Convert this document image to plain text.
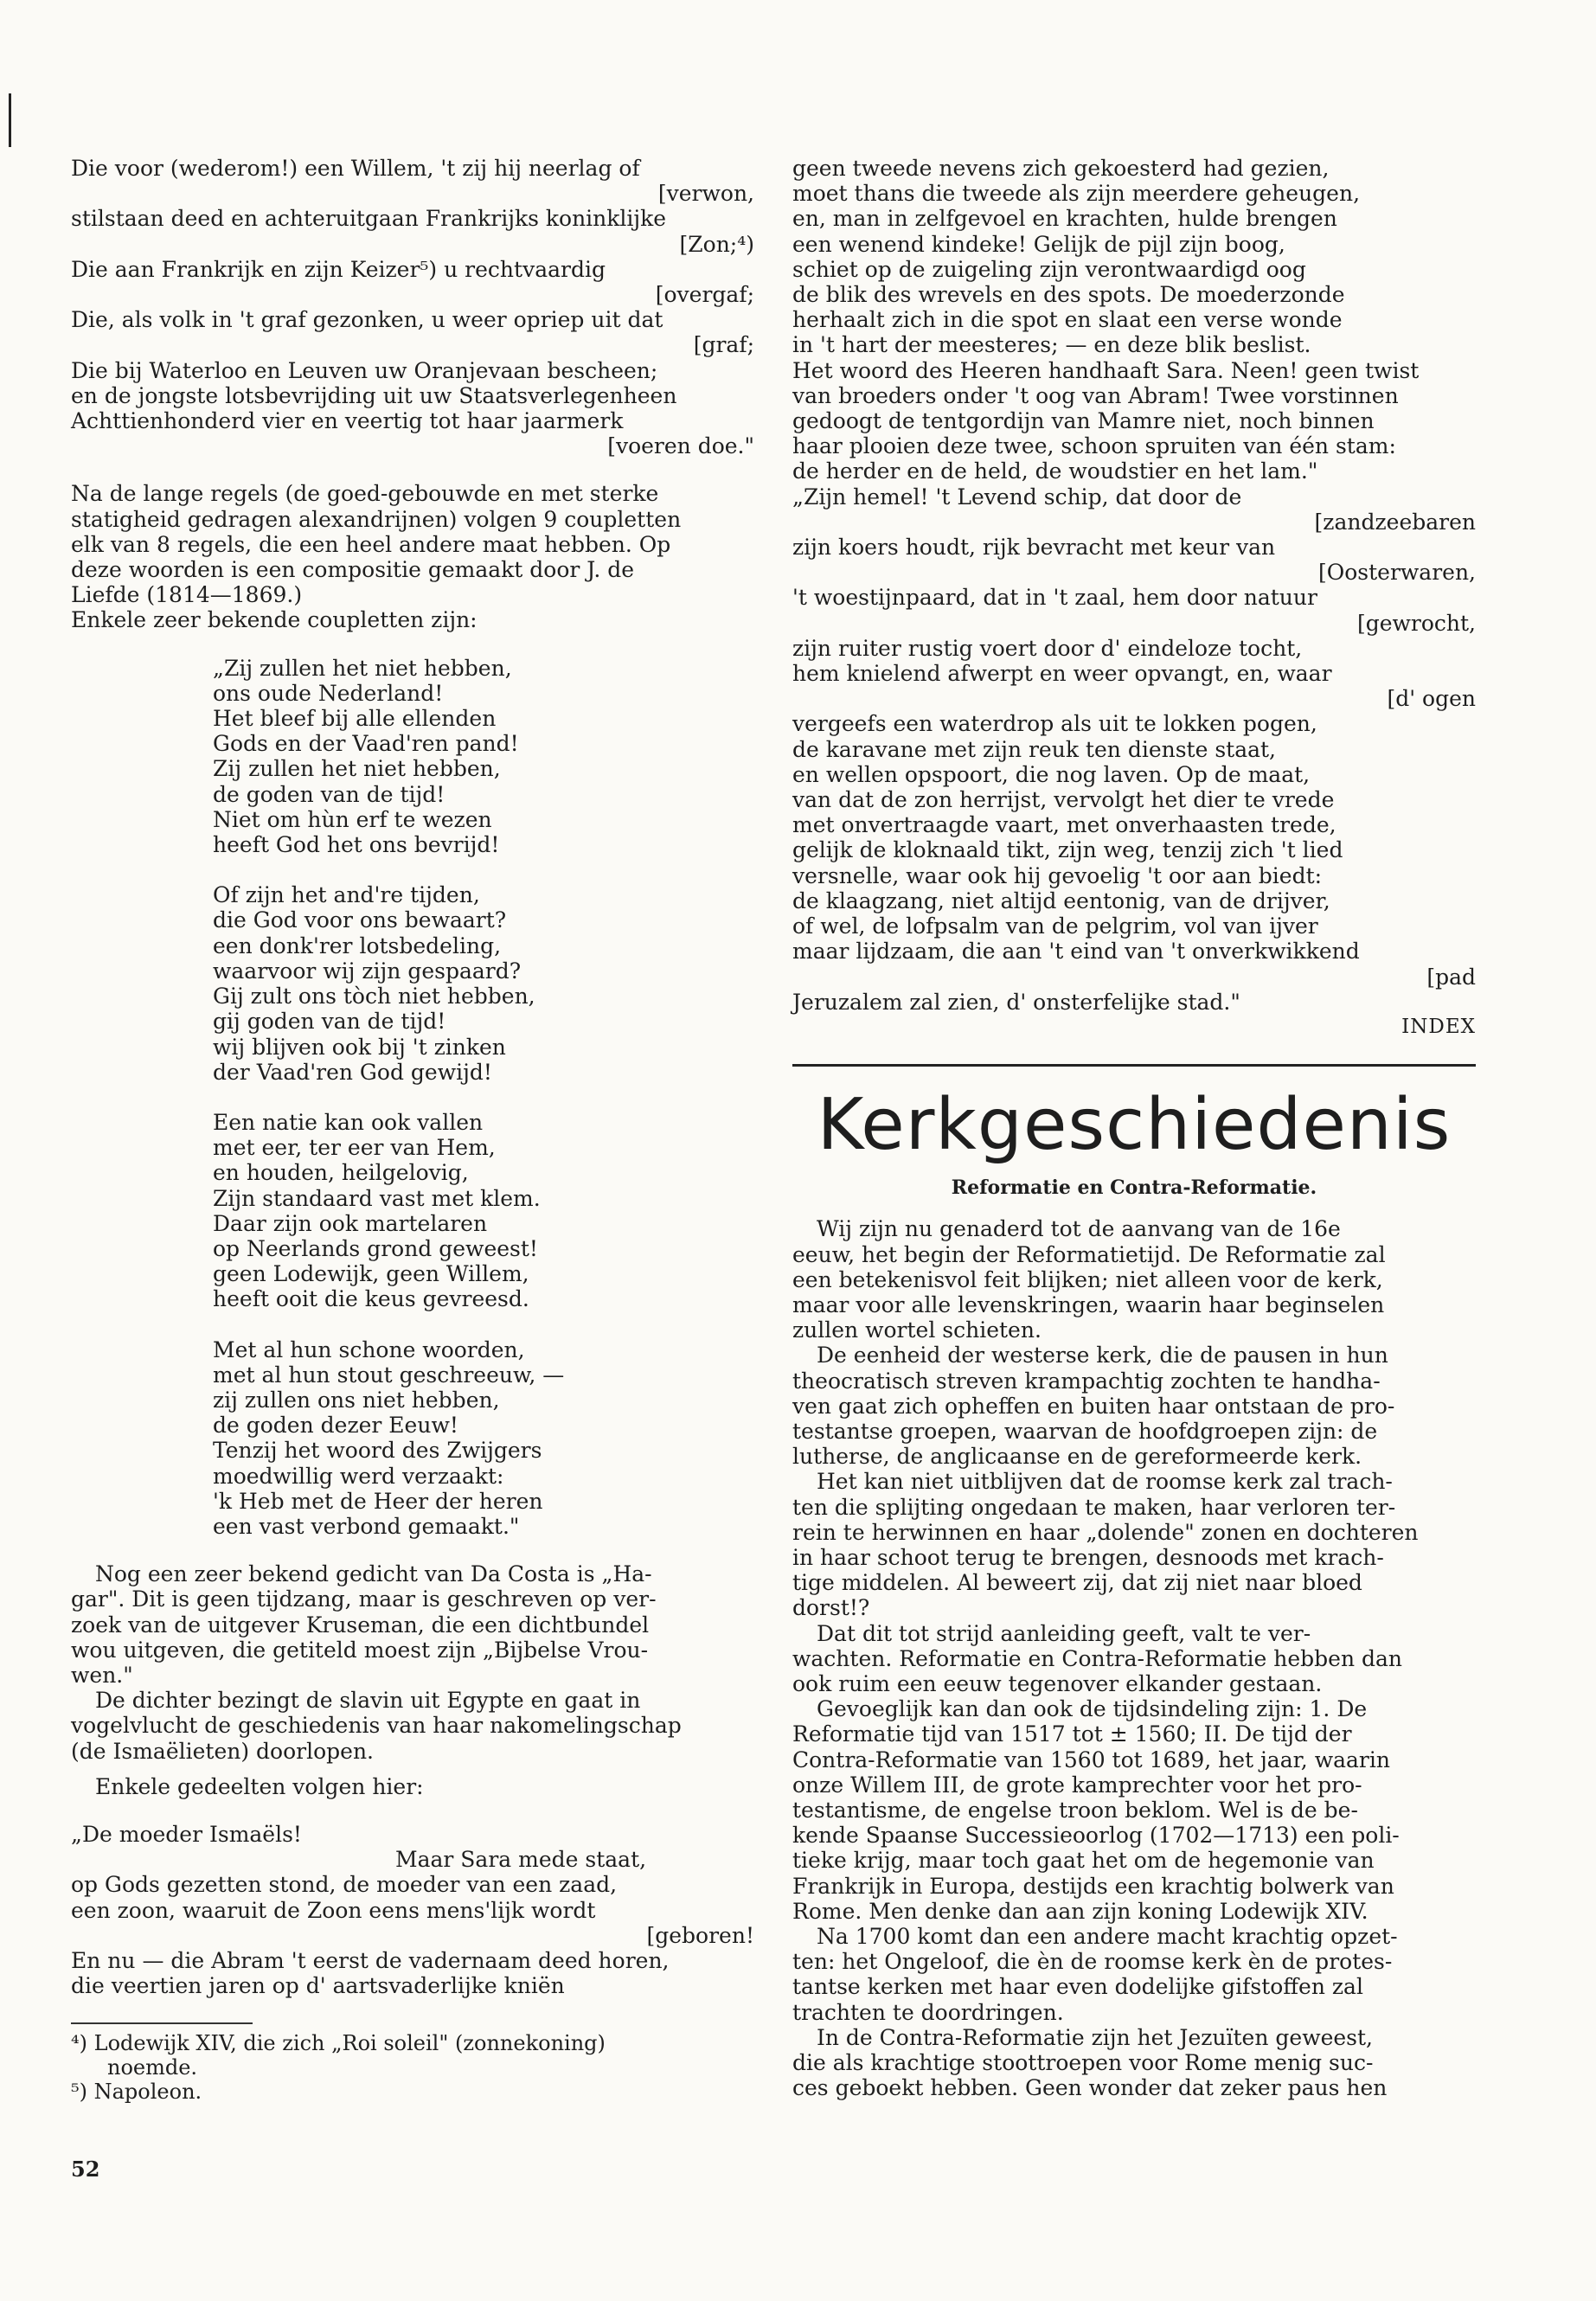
Die voor (wederom!) een Willem, 't zij hij neerlag of
[verwon,
stilstaan deed en achteruitgaan Frankrijks koninklijke
[Zon;⁴)
Die aan Frankrijk en zijn Keizer⁵) u rechtvaardig
[overgaf;
Die, als volk in 't graf gezonken, u weer opriep uit dat
[graf;
Die bij Waterloo en Leuven uw Oranjevaan bescheen;
en de jongste lotsbevrijding uit uw Staatsverlegenheen
Achttienhonderd vier en veertig tot haar jaarmerk
[voeren doe."
Na de lange regels (de goed-gebouwde en met sterke
statigheid gedragen alexandrijnen) volgen 9 coupletten
elk van 8 regels, die een heel andere maat hebben. Op
deze woorden is een compositie gemaakt door J. de
Liefde (1814—1869.)
Enkele zeer bekende coupletten zijn:
„Zij zullen het niet hebben,
ons oude Nederland!
Het bleef bij alle ellenden
Gods en der Vaad'ren pand!
Zij zullen het niet hebben,
de goden van de tijd!
Niet om hùn erf te wezen
heeft God het ons bevrijd!
Of zijn het and're tijden,
die God voor ons bewaart?
een donk'rer lotsbedeling,
waarvoor wij zijn gespaard?
Gij zult ons tòch niet hebben,
gij goden van de tijd!
wij blijven ook bij 't zinken
der Vaad'ren God gewijd!
Een natie kan ook vallen
met eer, ter eer van Hem,
en houden, heilgelovig,
Zijn standaard vast met klem.
Daar zijn ook martelaren
op Neerlands grond geweest!
geen Lodewijk, geen Willem,
heeft ooit die keus gevreesd.
Met al hun schone woorden,
met al hun stout geschreeuw, —
zij zullen ons niet hebben,
de goden dezer Eeuw!
Tenzij het woord des Zwijgers
moedwillig werd verzaakt:
'k Heb met de Heer der heren
een vast verbond gemaakt."
Nog een zeer bekend gedicht van Da Costa is „Ha-
gar". Dit is geen tijdzang, maar is geschreven op ver-
zoek van de uitgever Kruseman, die een dichtbundel
wou uitgeven, die getiteld moest zijn „Bijbelse Vrou-
wen."
De dichter bezingt de slavin uit Egypte en gaat in
vogelvlucht de geschiedenis van haar nakomelingschap
(de Ismaëlieten) doorlopen.
Enkele gedeelten volgen hier:
„De moeder Ismaëls!
Maar Sara mede staat,
op Gods gezetten stond, de moeder van een zaad,
een zoon, waaruit de Zoon eens mens'lijk wordt
[geboren!
En nu — die Abram 't eerst de vadernaam deed horen,
die veertien jaren op d' aartsvaderlijke kniën
⁴) Lodewijk XIV, die zich „Roi soleil" (zonnekoning)
noemde.
⁵) Napoleon.
geen tweede nevens zich gekoesterd had gezien,
moet thans die tweede als zijn meerdere geheugen,
en, man in zelfgevoel en krachten, hulde brengen
een wenend kindeke! Gelijk de pijl zijn boog,
schiet op de zuigeling zijn verontwaardigd oog
de blik des wrevels en des spots. De moederzonde
herhaalt zich in die spot en slaat een verse wonde
in 't hart der meesteres; — en deze blik beslist.
Het woord des Heeren handhaaft Sara. Neen! geen twist
van broeders onder 't oog van Abram! Twee vorstinnen
gedoogt de tentgordijn van Mamre niet, noch binnen
haar plooien deze twee, schoon spruiten van één stam:
de herder en de held, de woudstier en het lam."
„Zijn hemel! 't Levend schip, dat door de
[zandzeebaren
zijn koers houdt, rijk bevracht met keur van
[Oosterwaren,
't woestijnpaard, dat in 't zaal, hem door natuur
[gewrocht,
zijn ruiter rustig voert door d' eindeloze tocht,
hem knielend afwerpt en weer opvangt, en, waar
[d' ogen
vergeefs een waterdrop als uit te lokken pogen,
de karavane met zijn reuk ten dienste staat,
en wellen opspoort, die nog laven. Op de maat,
van dat de zon herrijst, vervolgt het dier te vrede
met onvertraagde vaart, met onverhaasten trede,
gelijk de kloknaald tikt, zijn weg, tenzij zich 't lied
versnelle, waar ook hij gevoelig 't oor aan biedt:
de klaagzang, niet altijd eentonig, van de drijver,
of wel, de lofpsalm van de pelgrim, vol van ijver
maar lijdzaam, die aan 't eind van 't onverkwikkend
[pad
Jeruzalem zal zien, d' onsterfelijke stad."
INDEX
Kerkgeschiedenis
Reformatie en Contra-Reformatie.
Wij zijn nu genaderd tot de aanvang van de 16e
eeuw, het begin der Reformatietijd. De Reformatie zal
een betekenisvol feit blijken; niet alleen voor de kerk,
maar voor alle levenskringen, waarin haar beginselen
zullen wortel schieten.
De eenheid der westerse kerk, die de pausen in hun
theocratisch streven krampachtig zochten te handha-
ven gaat zich opheffen en buiten haar ontstaan de pro-
testantse groepen, waarvan de hoofdgroepen zijn: de
lutherse, de anglicaanse en de gereformeerde kerk.
Het kan niet uitblijven dat de roomse kerk zal trach-
ten die splijting ongedaan te maken, haar verloren ter-
rein te herwinnen en haar „dolende" zonen en dochteren
in haar schoot terug te brengen, desnoods met krach-
tige middelen. Al beweert zij, dat zij niet naar bloed
dorst!?
Dat dit tot strijd aanleiding geeft, valt te ver-
wachten. Reformatie en Contra-Reformatie hebben dan
ook ruim een eeuw tegenover elkander gestaan.
Gevoeglijk kan dan ook de tijdsindeling zijn: 1. De
Reformatie tijd van 1517 tot ± 1560; II. De tijd der
Contra-Reformatie van 1560 tot 1689, het jaar, waarin
onze Willem III, de grote kamprechter voor het pro-
testantisme, de engelse troon beklom. Wel is de be-
kende Spaanse Successieoorlog (1702—1713) een poli-
tieke krijg, maar toch gaat het om de hegemonie van
Frankrijk in Europa, destijds een krachtig bolwerk van
Rome. Men denke dan aan zijn koning Lodewijk XIV.
Na 1700 komt dan een andere macht krachtig opzet-
ten: het Ongeloof, die èn de roomse kerk èn de protes-
tantse kerken met haar even dodelijke gifstoffen zal
trachten te doordringen.
In de Contra-Reformatie zijn het Jezuïten geweest,
die als krachtige stoottroepen voor Rome menig suc-
ces geboekt hebben. Geen wonder dat zeker paus hen
52
